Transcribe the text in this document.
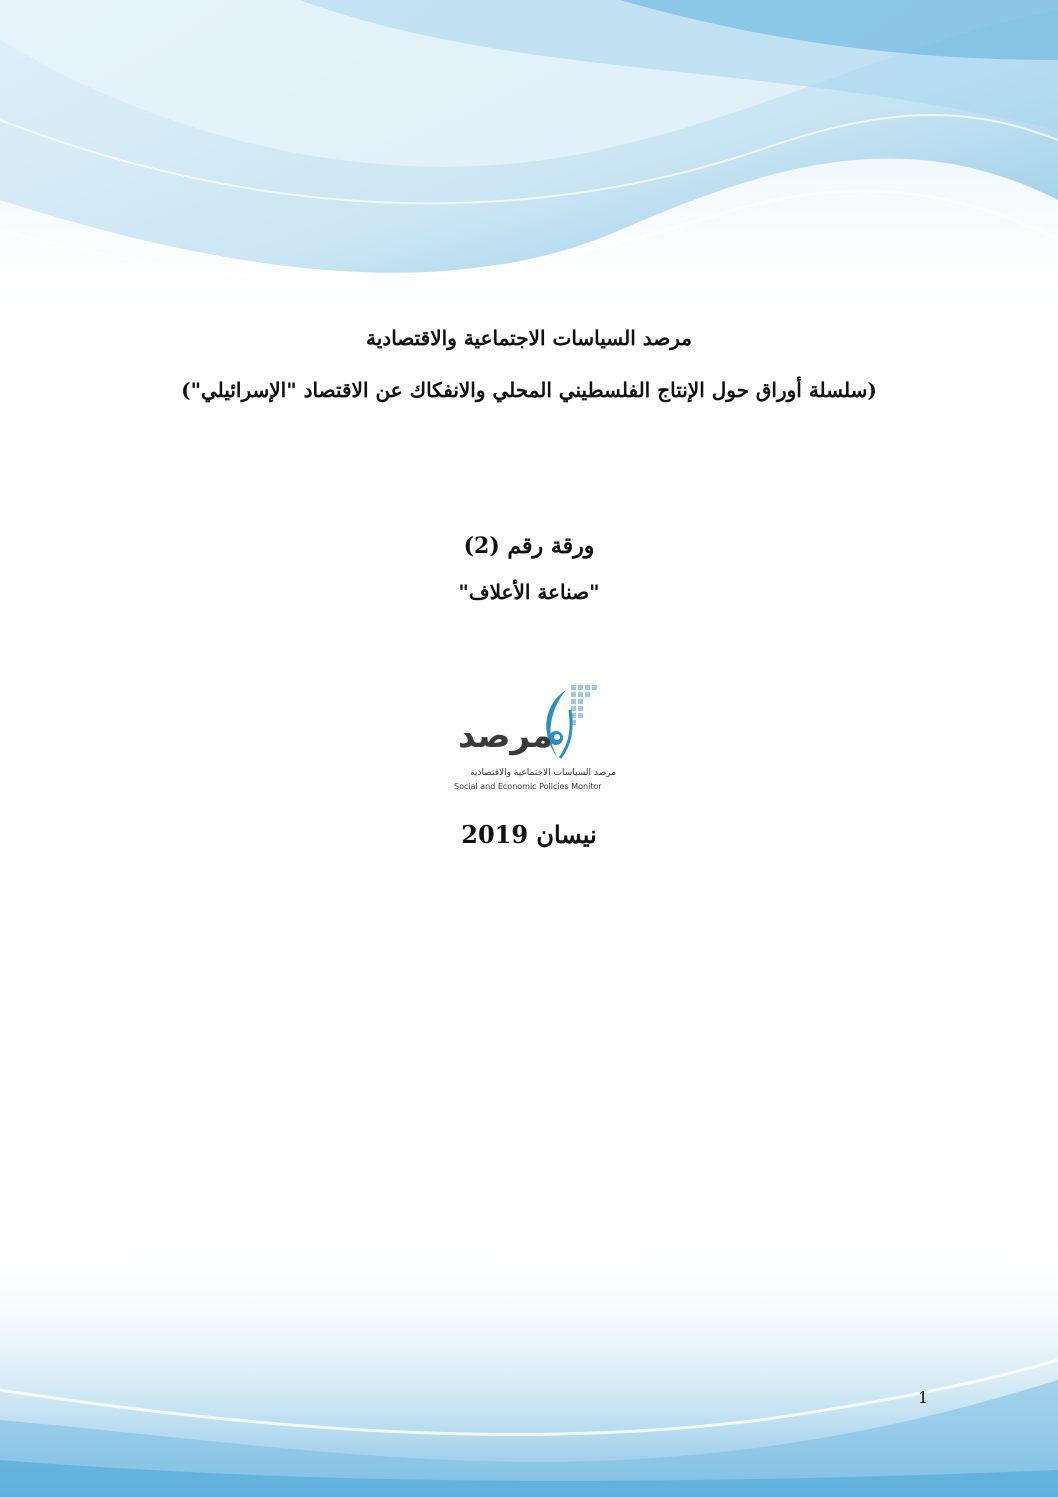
مرصد السياسات الاجتماعية والاقتصادية
(سلسلة أوراق حول الإنتاج الفلسطيني المحلي والانفكاك عن الاقتصاد "الإسرائيلي")
ورقة رقم (2)
"صناعة الأعلاف"
مرصد
مرصد السياسات الاجتماعية والاقتصادية
Social and Economic Policies Monitor
نيسان 2019
1
